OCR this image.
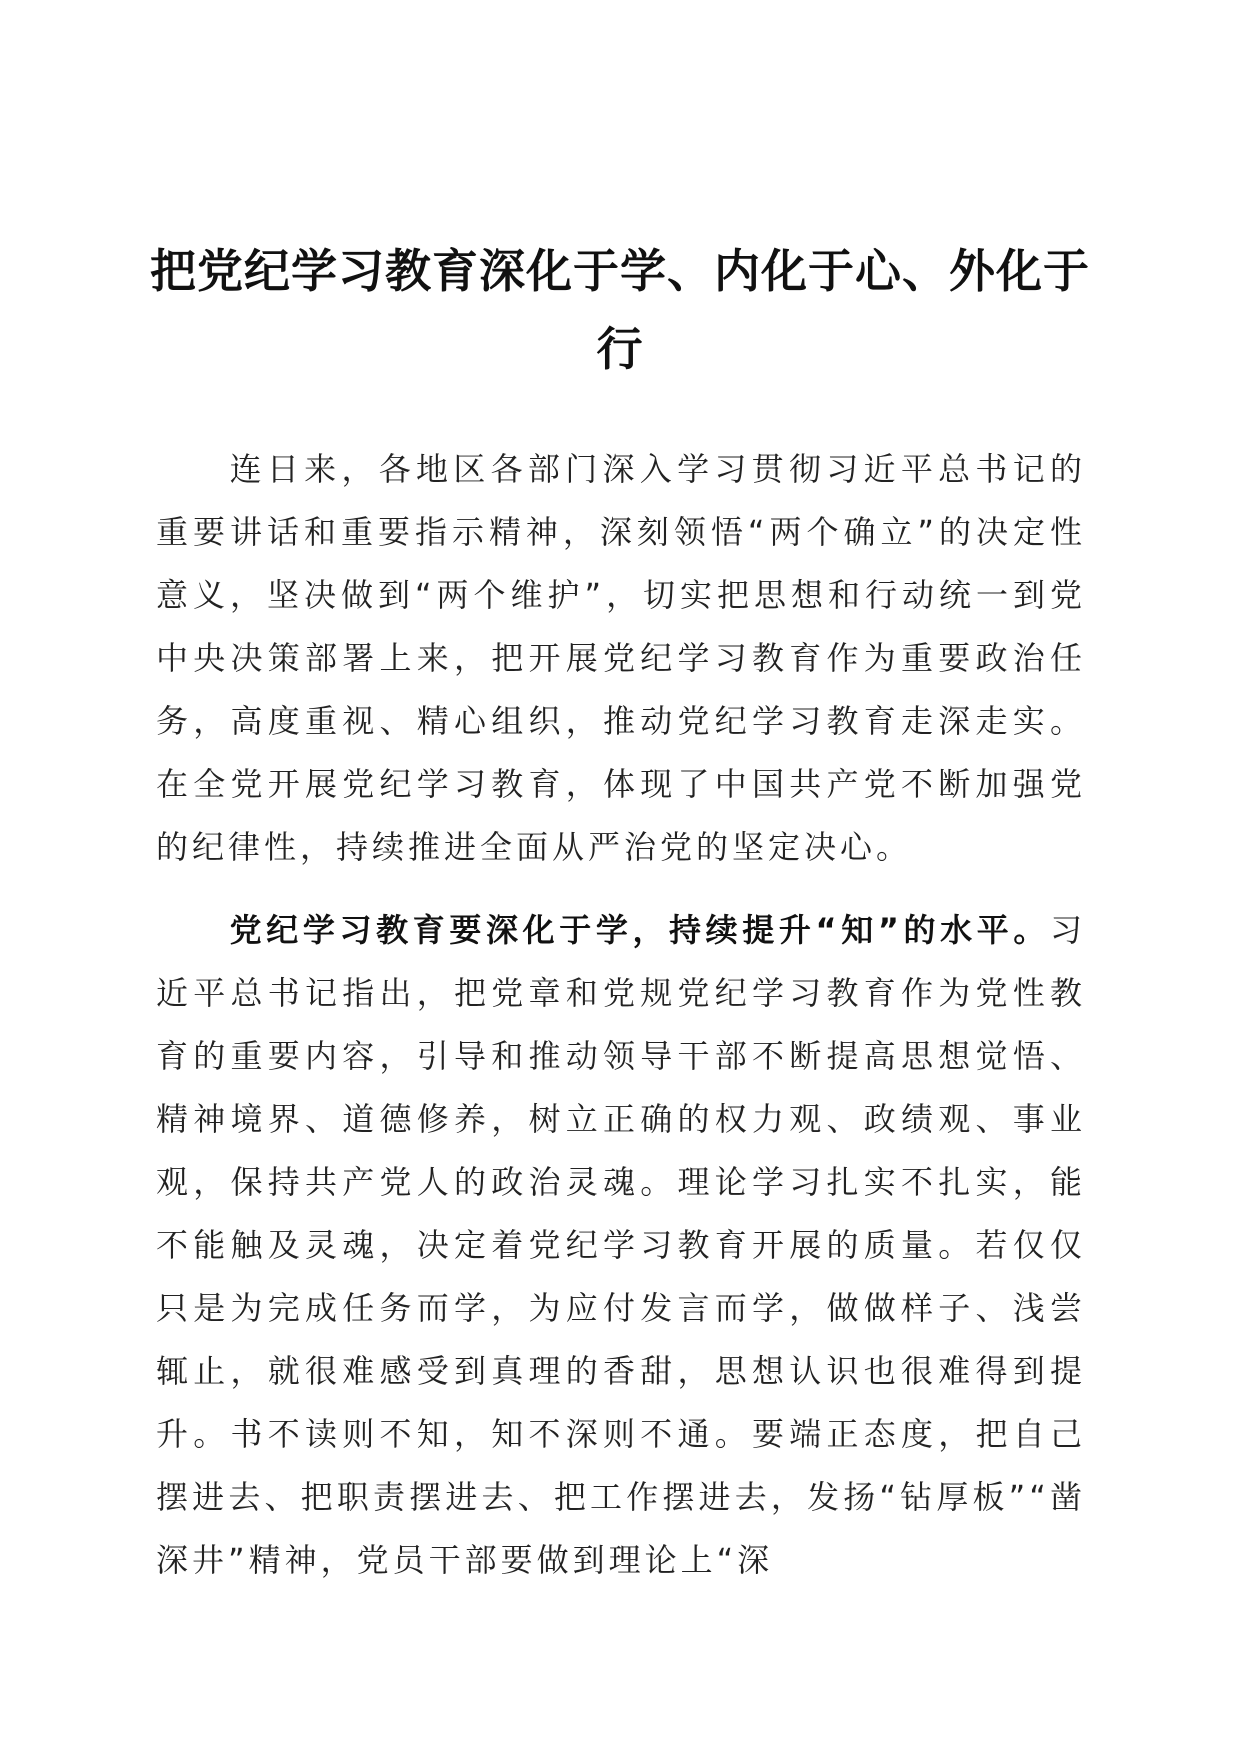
把党纪学习教育深化于学、内化于心、外化于行

连日来，各地区各部门深入学习贯彻习近平总书记的重要讲话和重要指示精神，深刻领悟“两个确立”的决定性意义，坚决做到“两个维护”，切实把思想和行动统一到党中央决策部署上来，把开展党纪学习教育作为重要政治任务，高度重视、精心组织，推动党纪学习教育走深走实。在全党开展党纪学习教育，体现了中国共产党不断加强党的纪律性，持续推进全面从严治党的坚定决心。

党纪学习教育要深化于学，持续提升“知”的水平。习近平总书记指出，把党章和党规党纪学习教育作为党性教育的重要内容，引导和推动领导干部不断提高思想觉悟、精神境界、道德修养，树立正确的权力观、政绩观、事业观，保持共产党人的政治灵魂。理论学习扎实不扎实，能不能触及灵魂，决定着党纪学习教育开展的质量。若仅仅只是为完成任务而学，为应付发言而学，做做样子、浅尝辄止，就很难感受到真理的香甜，思想认识也很难得到提升。书不读则不知，知不深则不通。要端正态度，把自己摆进去、把职责摆进去、把工作摆进去，发扬“钻厚板”“凿深井”精神，党员干部要做到理论上“深
